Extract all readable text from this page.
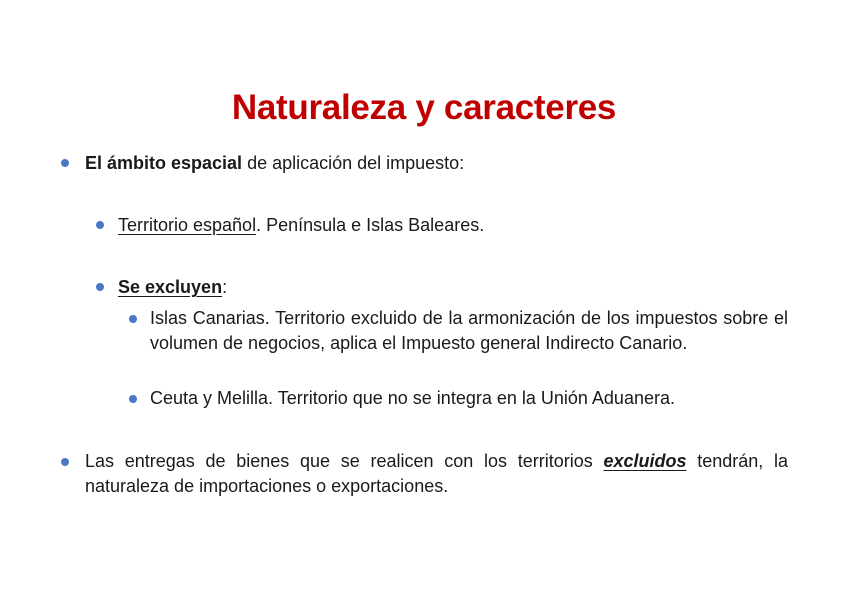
Naturaleza y caracteres
El ámbito espacial de aplicación del impuesto:
Territorio español. Península e Islas Baleares.
Se excluyen:
Islas Canarias. Territorio excluido de la armonización de los impuestos sobre el volumen de negocios, aplica el Impuesto general Indirecto Canario.
Ceuta y Melilla. Territorio que no se integra en la Unión Aduanera.
Las entregas de bienes que se realicen con los territorios excluidos tendrán, la naturaleza de importaciones o exportaciones.
